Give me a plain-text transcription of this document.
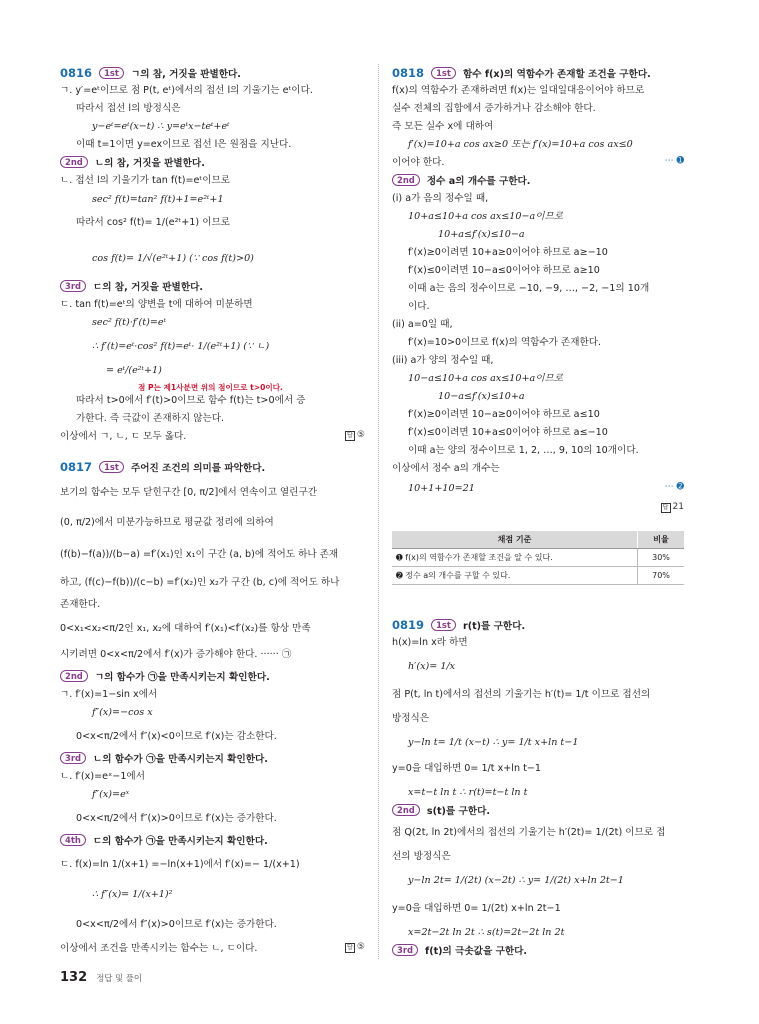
0816 1st ㄱ의 참, 거짓을 판별한다.
ㄱ. y′=eᵗ이므로 점 P(t, eᵗ)에서의 접선 l의 기울기는 eᵗ이다.
따라서 접선 l의 방정식은
y−eᵗ=eᵗ(x−t) ∴ y=eᵗx−teᵗ+eᵗ
이때 t=1이면 y=ex이므로 접선 l은 원점을 지난다.
2nd ㄴ의 참, 거짓을 판별한다.
ㄴ. 접선 l의 기울기가 tan f(t)=eᵗ이므로
sec² f(t)=tan² f(t)+1=e²ᵗ+1
따라서 cos² f(t)= 1/(e²ᵗ+1) 이므로
cos f(t)= 1/√(e²ᵗ+1) (∵ cos f(t)>0)
3rd ㄷ의 참, 거짓을 판별한다.
ㄷ. tan f(t)=eᵗ의 양변을 t에 대하여 미분하면
sec² f(t)·f′(t)=eᵗ
∴ f′(t)=eᵗ·cos² f(t)=eᵗ· 1/(e²ᵗ+1) (∵ ㄴ)
= eᵗ/(e²ᵗ+1)
점 P는 제1사분면 위의 점이므로 t>0이다.
따라서 t>0에서 f′(t)>0이므로 함수 f(t)는 t>0에서 증
가한다. 즉 극값이 존재하지 않는다.
이상에서 ㄱ, ㄴ, ㄷ 모두 옳다.	답 ⑤
0817 1st 주어진 조건의 의미를 파악한다.
보기의 함수는 모두 닫힌구간 [0, π/2]에서 연속이고 열린구간
(0, π/2)에서 미분가능하므로 평균값 정리에 의하여
(f(b)−f(a))/(b−a) =f′(x₁)인 x₁이 구간 (a, b)에 적어도 하나 존재
하고, (f(c)−f(b))/(c−b) =f′(x₂)인 x₂가 구간 (b, c)에 적어도 하나
존재한다.
0<x₁<x₂<π/2인 x₁, x₂에 대하여 f′(x₁)<f′(x₂)를 항상 만족
시키려면 0<x<π/2에서 f′(x)가 증가해야 한다. ······ ㉠
2nd ㄱ의 함수가 ㉠을 만족시키는지 확인한다.
ㄱ. f′(x)=1−sin x에서
f″(x)=−cos x
0<x<π/2에서 f″(x)<0이므로 f′(x)는 감소한다.
3rd ㄴ의 함수가 ㉠을 만족시키는지 확인한다.
ㄴ. f′(x)=eˣ−1에서
f″(x)=eˣ
0<x<π/2에서 f″(x)>0이므로 f′(x)는 증가한다.
4th ㄷ의 함수가 ㉠을 만족시키는지 확인한다.
ㄷ. f(x)=ln 1/(x+1) =−ln(x+1)에서 f′(x)=− 1/(x+1)
∴ f″(x)= 1/(x+1)²
0<x<π/2에서 f″(x)>0이므로 f′(x)는 증가한다.
이상에서 조건을 만족시키는 함수는 ㄴ, ㄷ이다.	답 ⑤
0818 1st 함수 f(x)의 역함수가 존재할 조건을 구한다.
f(x)의 역함수가 존재하려면 f(x)는 일대일대응이어야 하므로
실수 전체의 집합에서 증가하거나 감소해야 한다.
즉 모든 실수 x에 대하여
f′(x)=10+a cos ax≥0 또는 f′(x)=10+a cos ax≤0
이어야 한다.	⋯ ➊
2nd 정수 a의 개수를 구한다.
(i) a가 음의 정수일 때,
10+a≤10+a cos ax≤10−a이므로
10+a≤f′(x)≤10−a
f′(x)≥0이려면 10+a≥0이어야 하므로 a≥−10
f′(x)≤0이려면 10−a≤0이어야 하므로 a≥10
이때 a는 음의 정수이므로 −10, −9, …, −2, −1의 10개
이다.
(ii) a=0일 때,
f′(x)=10>0이므로 f(x)의 역함수가 존재한다.
(iii) a가 양의 정수일 때,
10−a≤10+a cos ax≤10+a이므로
10−a≤f′(x)≤10+a
f′(x)≥0이려면 10−a≥0이어야 하므로 a≤10
f′(x)≤0이려면 10+a≤0이어야 하므로 a≤−10
이때 a는 양의 정수이므로 1, 2, …, 9, 10의 10개이다.
이상에서 정수 a의 개수는
10+1+10=21	⋯ ➋
답 21
채점 기준	비율
➊ f(x)의 역함수가 존재할 조건을 알 수 있다.	30%
➋ 정수 a의 개수를 구할 수 있다.	70%
0819 1st r(t)를 구한다.
h(x)=ln x라 하면
h′(x)= 1/x
점 P(t, ln t)에서의 접선의 기울기는 h′(t)= 1/t 이므로 접선의
방정식은
y−ln t= 1/t (x−t) ∴ y= 1/t x+ln t−1
y=0을 대입하면 0= 1/t x+ln t−1
x=t−t ln t ∴ r(t)=t−t ln t
2nd s(t)를 구한다.
점 Q(2t, ln 2t)에서의 접선의 기울기는 h′(2t)= 1/(2t) 이므로 접
선의 방정식은
y−ln 2t= 1/(2t) (x−2t) ∴ y= 1/(2t) x+ln 2t−1
y=0을 대입하면 0= 1/(2t) x+ln 2t−1
x=2t−2t ln 2t ∴ s(t)=2t−2t ln 2t
3rd f(t)의 극솟값을 구한다.
132 정답 및 풀이
